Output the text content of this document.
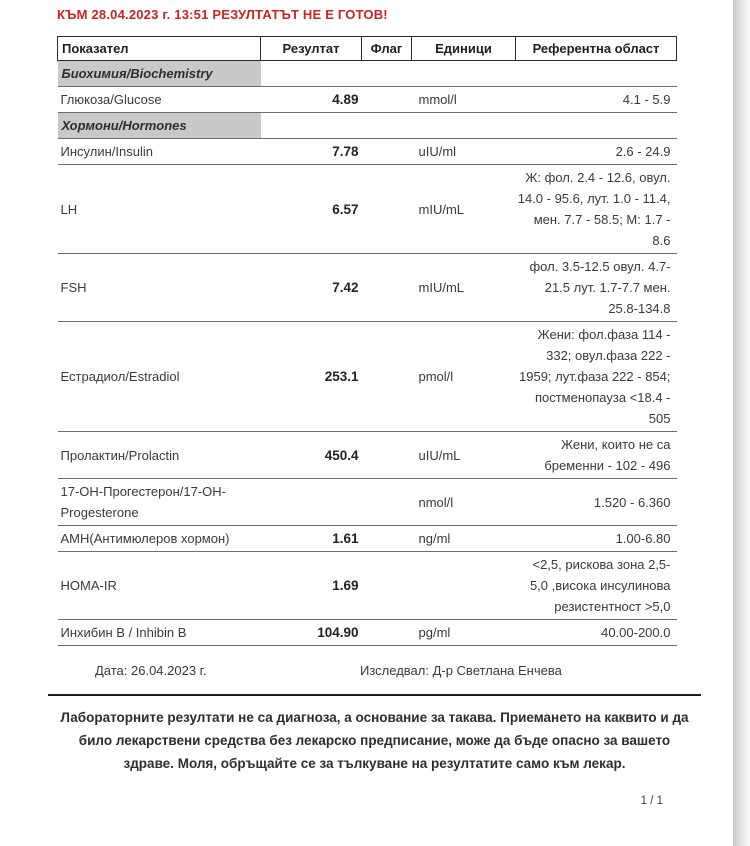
КЪМ 28.04.2023 г. 13:51 РЕЗУЛТАТЪТ НЕ Е ГОТОВ!
Показател	Резултат	Флаг	Единици	Референтна област
Биохимия/Biochemistry				
Глюкоза/Glucose	4.89		mmol/l	4.1 - 5.9
Хормони/Hormones				
Инсулин/Insulin	7.78		uIU/ml	2.6 - 24.9
LH	6.57		mIU/mL	Ж: фол. 2.4 - 12.6, овул. 14.0 - 95.6, лут. 1.0 - 11.4, мен. 7.7 - 58.5; М: 1.7 - 8.6
FSH	7.42		mIU/mL	фол. 3.5-12.5 овул. 4.7-21.5 лут. 1.7-7.7 мен. 25.8-134.8
Естрадиол/Estradiol	253.1		pmol/l	Жени: фол.фаза 114 - 332; овул.фаза 222 - 1959; лут.фаза 222 - 854; постменопауза <18.4 - 505
Пролактин/Prolactin	450.4		uIU/mL	Жени, които не са бременни - 102 - 496
17-ОН-Прогестерон/17-ОН-Progesterone			nmol/l	1.520 - 6.360
АМН(Антимюлеров хормон)	1.61		ng/ml	1.00-6.80
HOMA-IR	1.69			<2,5, рискова зона 2,5-5,0 ,висока инсулинова резистентност >5,0
Инхибин В / Inhibin B	104.90		pg/ml	40.00-200.0
Дата: 26.04.2023 г.	Изследвал: Д-р Светлана Енчева
Лабораторните резултати не са диагноза, а основание за такава. Приемането на каквито и да било лекарствени средства без лекарско предписание, може да бъде опасно за вашето здраве. Моля, обръщайте се за тълкуване на резултатите само към лекар.
1 / 1
